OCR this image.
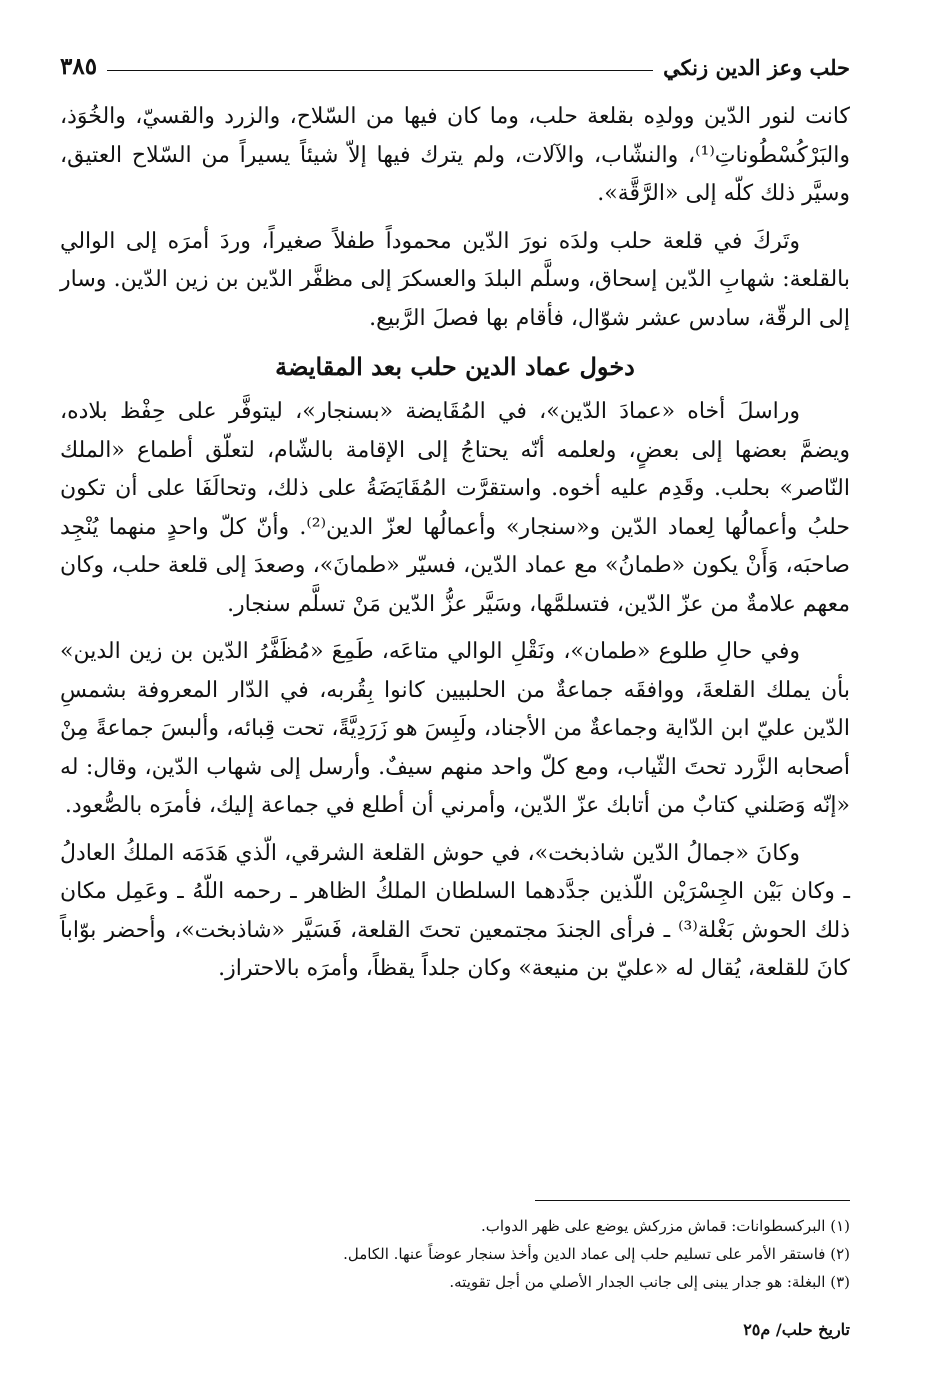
حلب وعز الدين زنكي
٣٨٥

كانت لنور الدّين وولدِه بقلعة حلب، وما كان فيها من السّلاح، والزرد والقسيّ، والخُوَذ، والبَرْكُسْطُوناتِ⁽¹⁾، والنشّاب، والآلات، ولم يترك فيها إلاّ شيئاً يسيراً من السّلاح العتيق، وسيَّر ذلك كلّه إلى «الرَّقَّة».

وتَركَ في قلعة حلب ولدَه نورَ الدّين محموداً طفلاً صغيراً، وردَ أمرَه إلى الوالي بالقلعة: شهابِ الدّين إسحاق، وسلَّم البلدَ والعسكرَ إلى مظفَّر الدّين بن زين الدّين. وسار إلى الرقّة، سادس عشر شوّال، فأقام بها فصلَ الرَّبيع.

دخول عماد الدين حلب بعد المقايضة

وراسلَ أخاه «عمادَ الدّين»، في المُقَايضة «بسنجار»، ليتوفَّر على حِفْظ بلاده، ويضمَّ بعضها إلى بعضٍ، ولعلمه أنّه يحتاجُ إلى الإقامة بالشّام، لتعلّق أطماع «الملك النّاصر» بحلب. وقَدِم عليه أخوه. واستقرَّت المُقَايَضَةُ على ذلك، وتحالَفَا على أن تكون حلبُ وأعمالُها لِعماد الدّين و«سنجار» وأعمالُها لعزّ الدين⁽²⁾. وأنّ كلّ واحدٍ منهما يُنْجِد صاحبَه، وَأَنْ يكون «طمانُ» مع عماد الدّين، فسيّر «طمانَ»، وصعدَ إلى قلعة حلب، وكان معهم علامةٌ من عزّ الدّين، فتسلمَّها، وسَيَّر عزُّ الدّين مَنْ تسلَّم سنجار.

وفي حالِ طلوع «طمان»، ونَقْلِ الوالي متاعَه، طَمِعَ «مُظَفَّرُ الدّين بن زين الدين» بأن يملك القلعةَ، ووافقَه جماعةٌ من الحلبيين كانوا بِقُربه، في الدّار المعروفة بشمسِ الدّين عليّ ابن الدّاية وجماعةٌ من الأجناد، ولَبِسَ هو زَرَدِيَّةً، تحت قِبائه، وألبسَ جماعةً مِنْ أصحابه الزَّرد تحتَ الثّياب، ومع كلّ واحد منهم سيفٌ. وأرسل إلى شهاب الدّين، وقال: له «إنّه وَصَلني كتابٌ من أتابك عزّ الدّين، وأمرني أن أطلع في جماعة إليك، فأمرَه بالصُّعود.

وكانَ «جمالُ الدّين شاذبخت»، في حوش القلعة الشرقي، الّذي هَدَمَه الملكُ العادلُ ـ وكان بَيْن الجِسْرَيْن اللّذين جدَّدهما السلطان الملكُ الظاهر ـ رحمه اللّهُ ـ وعَمِل مكان ذلك الحوش بَغْلة⁽³⁾ ـ فرأى الجندَ مجتمعين تحتَ القلعة، فَسَيَّر «شاذبخت»، وأحضر بوّاباً كانَ للقلعة، يُقال له «عليّ بن منيعة» وكان جلداً يقظاً، وأمرَه بالاحتراز.

(١) البركسطوانات: قماش مزركش يوضع على ظهر الدواب.

(٢) فاستقر الأمر على تسليم حلب إلى عماد الدين وأخذ سنجار عوضاً عنها. الكامل.

(٣) البغلة: هو جدار يبنى إلى جانب الجدار الأصلي من أجل تقويته.

تاريخ حلب/ م٢٥
